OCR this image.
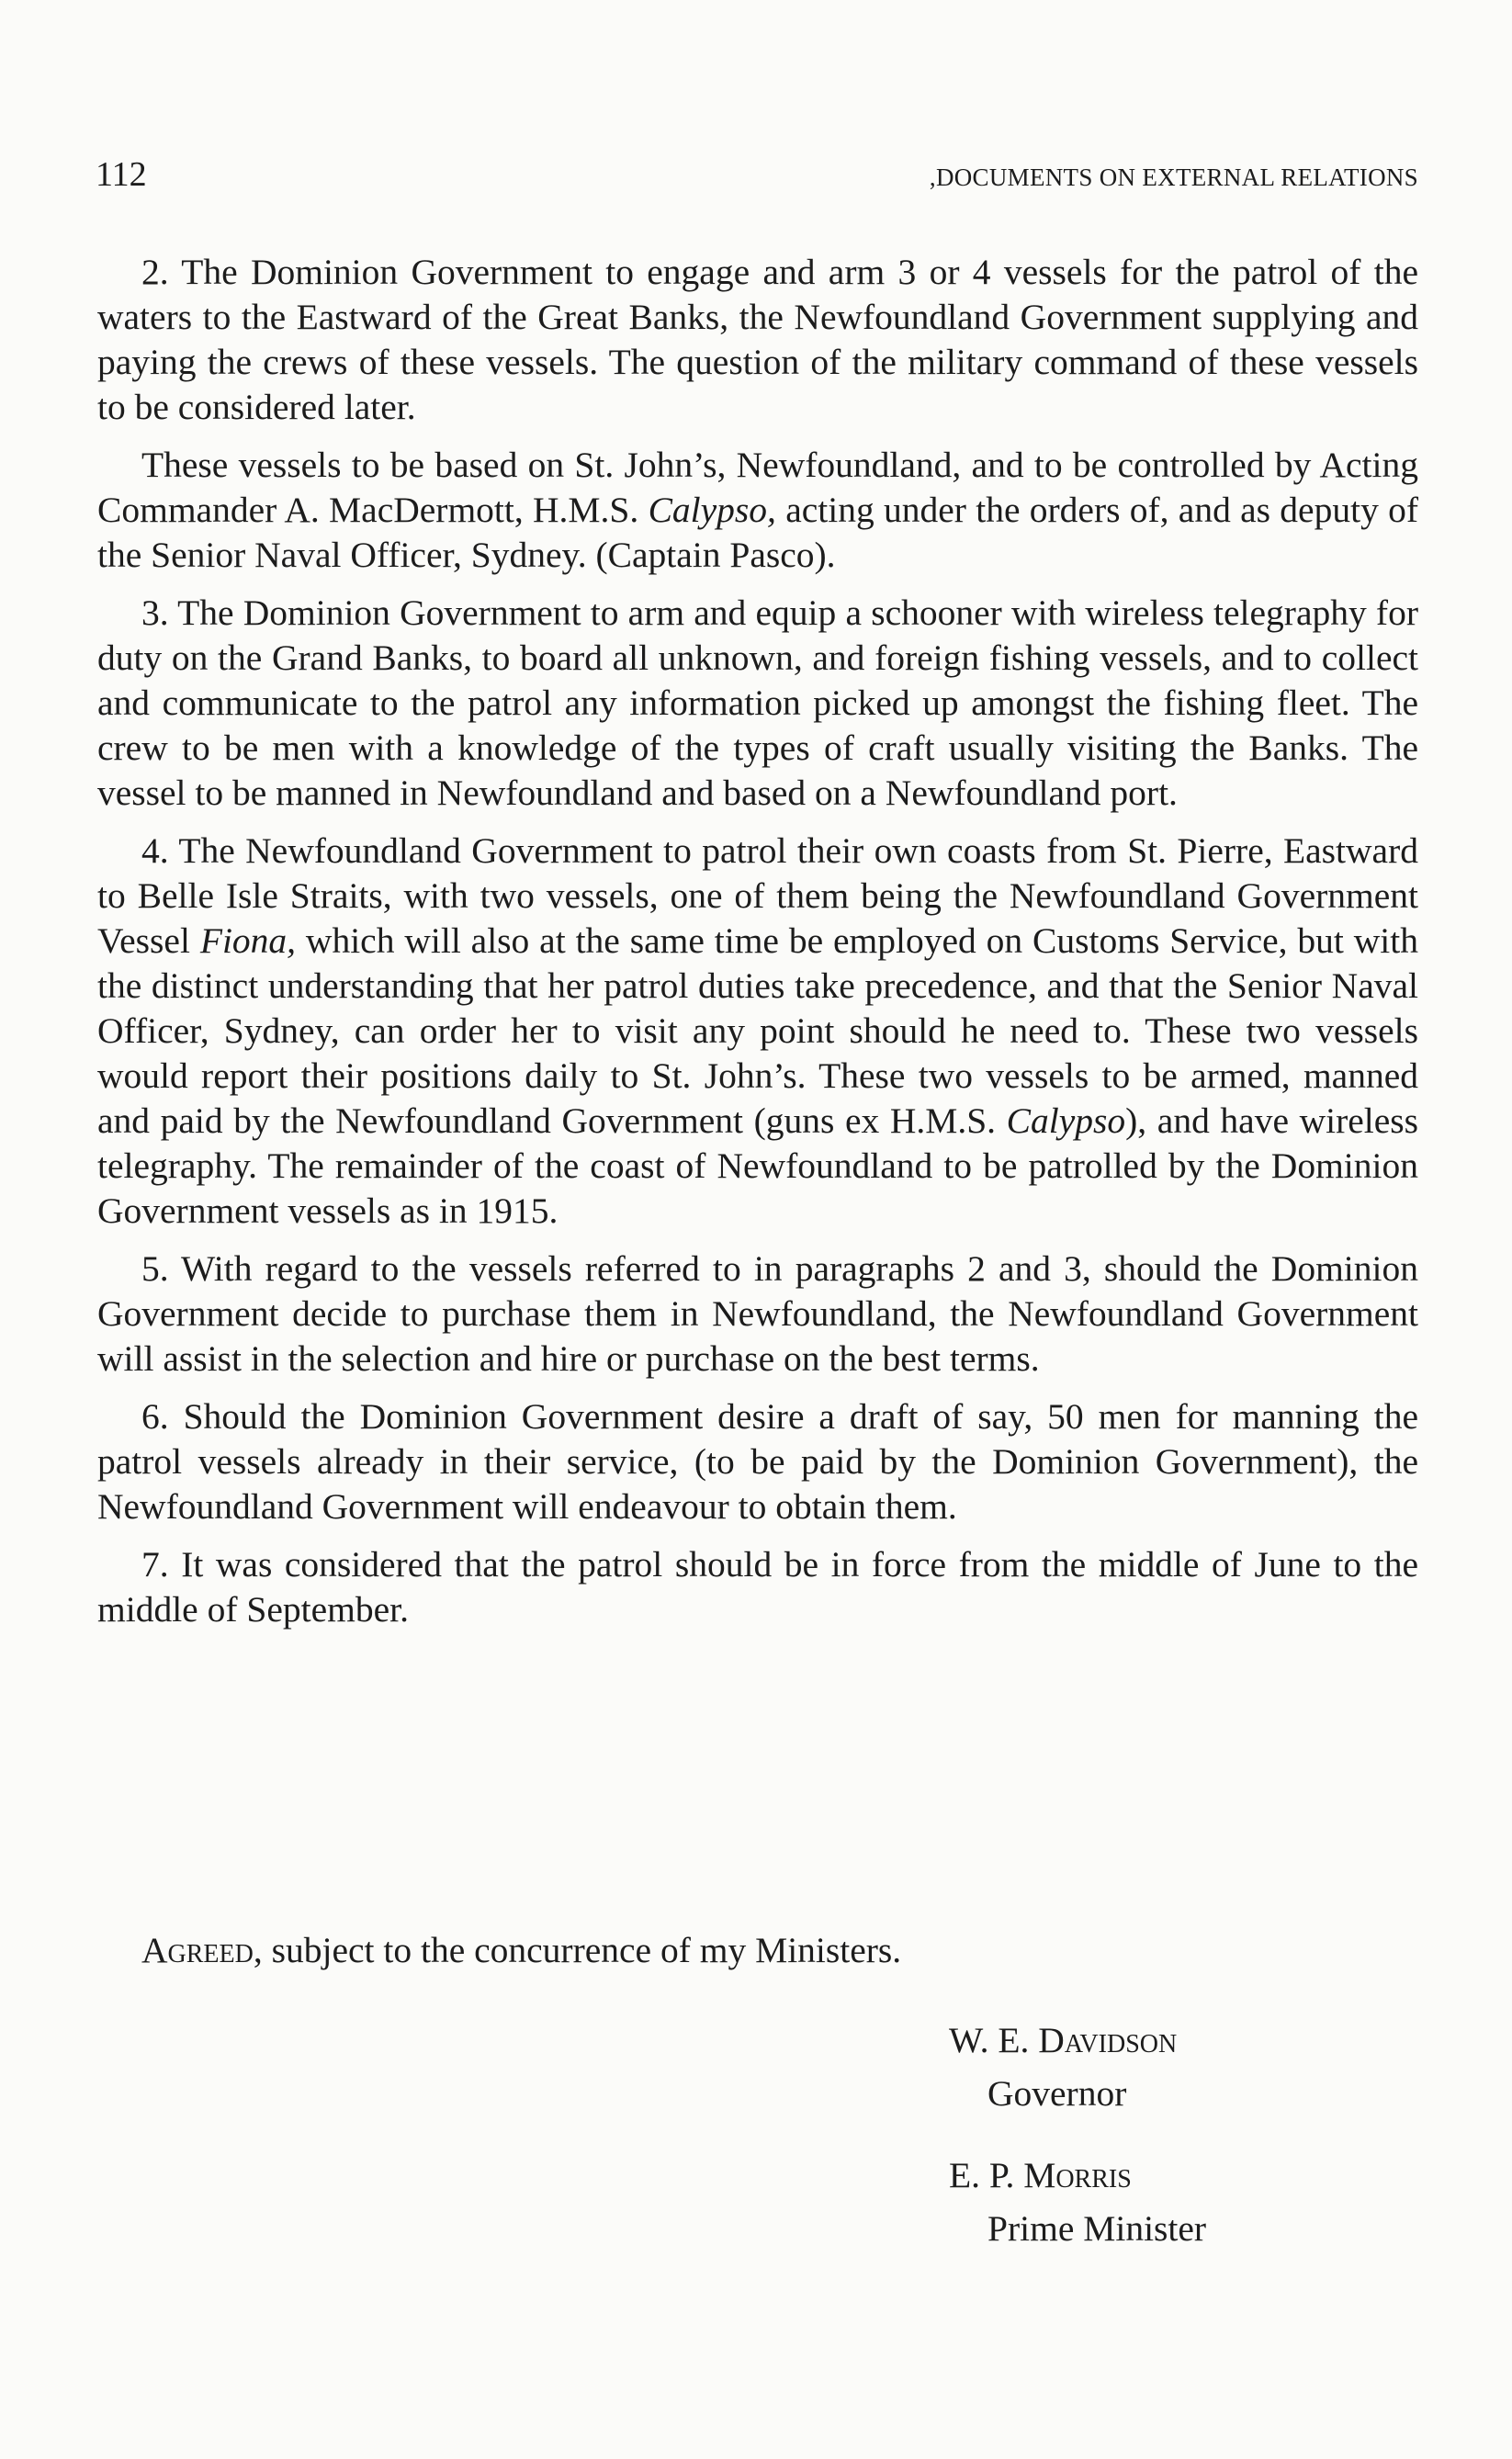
112	,DOCUMENTS ON EXTERNAL RELATIONS

2. The Dominion Government to engage and arm 3 or 4 vessels for the patrol of the waters to the Eastward of the Great Banks, the Newfoundland Government supplying and paying the crews of these vessels. The question of the military command of these vessels to be considered later.

These vessels to be based on St. John’s, Newfoundland, and to be controlled by Acting Commander A. MacDermott, H.M.S. Calypso, acting under the orders of, and as deputy of the Senior Naval Officer, Sydney. (Captain Pasco).

3. The Dominion Government to arm and equip a schooner with wireless telegraphy for duty on the Grand Banks, to board all unknown, and foreign fishing vessels, and to collect and communicate to the patrol any information picked up amongst the fishing fleet. The crew to be men with a knowledge of the types of craft usually visiting the Banks. The vessel to be manned in Newfoundland and based on a Newfoundland port.

4. The Newfoundland Government to patrol their own coasts from St. Pierre, Eastward to Belle Isle Straits, with two vessels, one of them being the Newfoundland Government Vessel Fiona, which will also at the same time be employed on Customs Service, but with the distinct understanding that her patrol duties take precedence, and that the Senior Naval Officer, Sydney, can order her to visit any point should he need to. These two vessels would report their positions daily to St. John’s. These two vessels to be armed, manned and paid by the Newfoundland Government (guns ex H.M.S. Calypso), and have wireless telegraphy. The remainder of the coast of Newfoundland to be patrolled by the Dominion Government vessels as in 1915.

5. With regard to the vessels referred to in paragraphs 2 and 3, should the Dominion Government decide to purchase them in Newfoundland, the Newfoundland Government will assist in the selection and hire or purchase on the best terms.

6. Should the Dominion Government desire a draft of say, 50 men for manning the patrol vessels already in their service, (to be paid by the Dominion Government), the Newfoundland Government will endeavour to obtain them.

7. It was considered that the patrol should be in force from the middle of June to the middle of September.

Agreed, subject to the concurrence of my Ministers.
W. E. Davidson
Governor
E. P. Morris
Prime Minister
